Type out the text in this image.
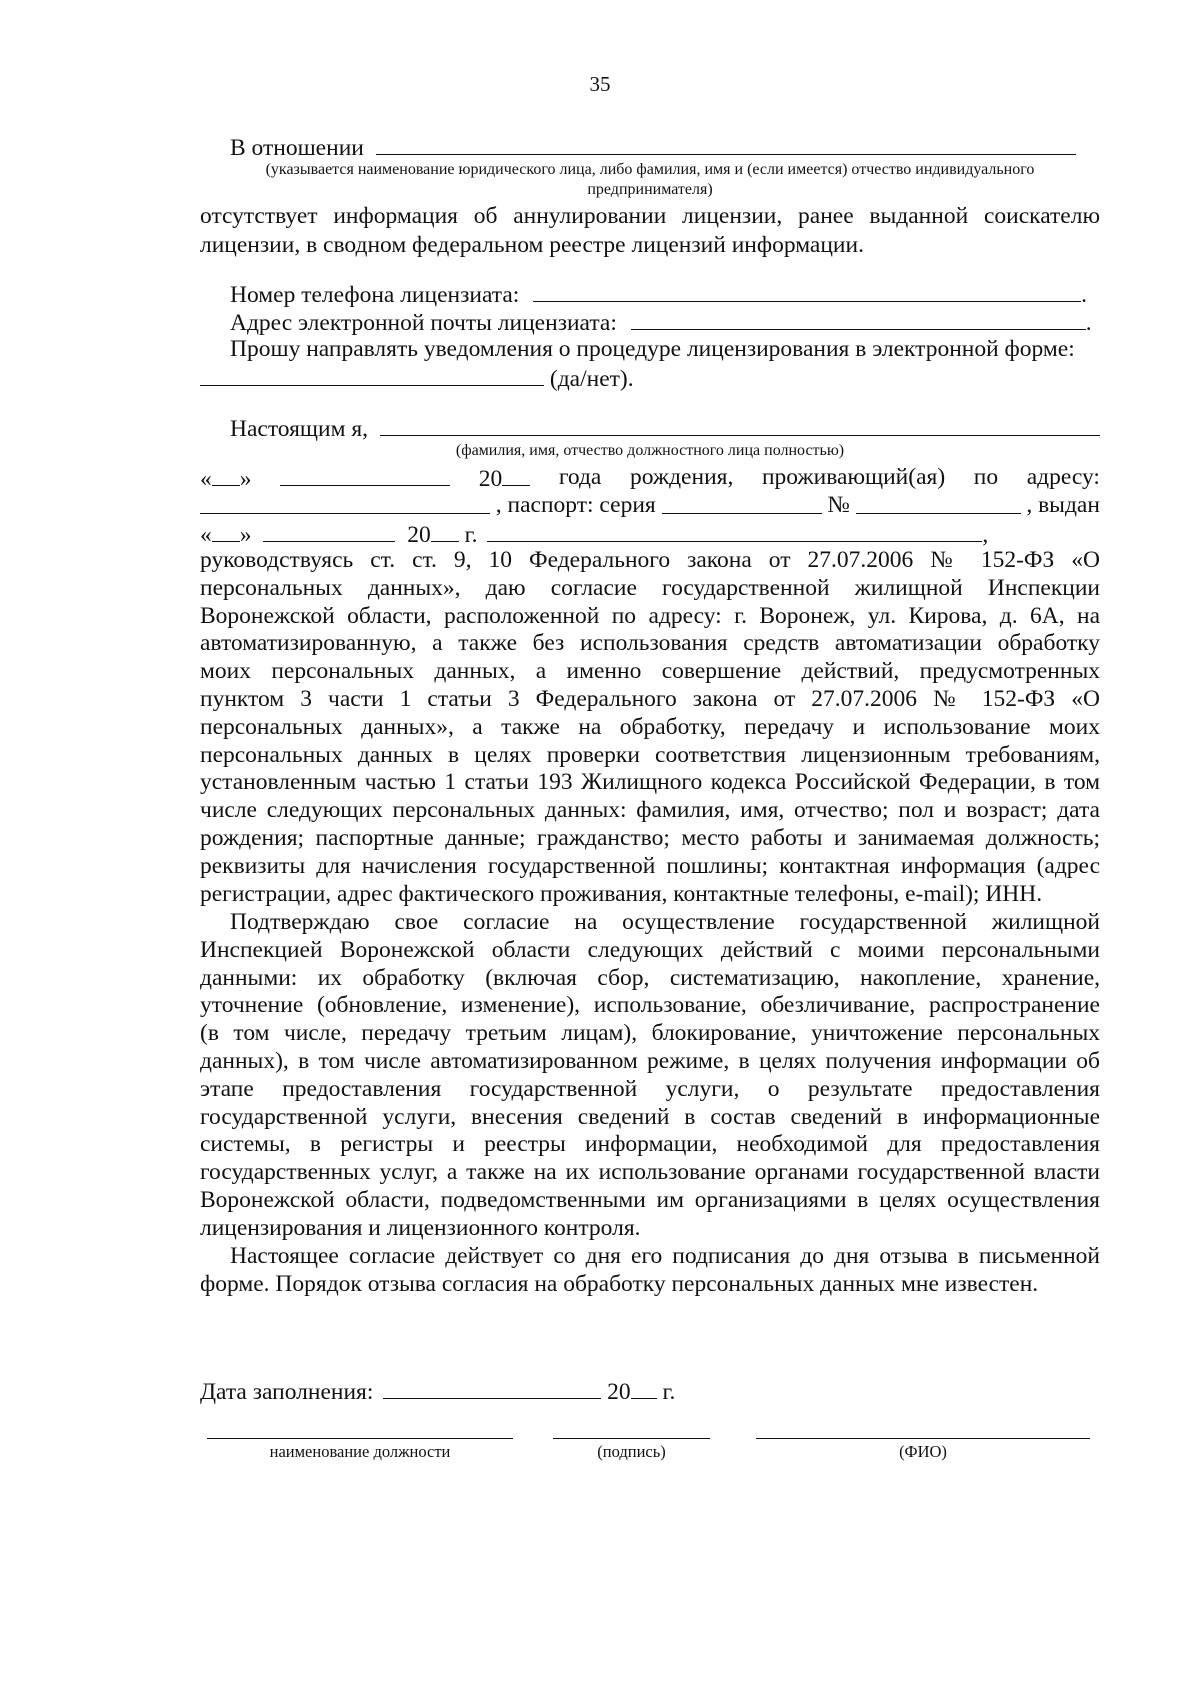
35
В отношении
(указывается наименование юридического лица, либо фамилия, имя и (если имеется) отчество индивидуального
предпринимателя)
отсутствует информация об аннулировании лицензии, ранее выданной соискателю
лицензии, в сводном федеральном реестре лицензий информации.
Номер телефона лицензиата:	.
Адрес электронной почты лицензиата:	.
Прошу направлять уведомления о процедуре лицензирования в электронной форме:
(да/нет).
Настоящим я,
(фамилия, имя, отчество должностного лица полностью)
« »	20	года рождения, проживающий(ая) по адресу:
, паспорт: серия	№	, выдан
« »	20 г.	,
руководствуясь ст. ст. 9, 10 Федерального закона от 27.07.2006 № 152-ФЗ «О
персональных данных», даю согласие государственной жилищной Инспекции
Воронежской области, расположенной по адресу: г. Воронеж, ул. Кирова, д. 6А, на
автоматизированную, а также без использования средств автоматизации обработку
моих персональных данных, а именно совершение действий, предусмотренных
пунктом 3 части 1 статьи 3 Федерального закона от 27.07.2006 № 152-ФЗ «О
персональных данных», а также на обработку, передачу и использование моих
персональных данных в целях проверки соответствия лицензионным требованиям,
установленным частью 1 статьи 193 Жилищного кодекса Российской Федерации, в том
числе следующих персональных данных: фамилия, имя, отчество; пол и возраст; дата
рождения; паспортные данные; гражданство; место работы и занимаемая должность;
реквизиты для начисления государственной пошлины; контактная информация (адрес
регистрации, адрес фактического проживания, контактные телефоны, e-mail); ИНН.
Подтверждаю свое согласие на осуществление государственной жилищной
Инспекцией Воронежской области следующих действий с моими персональными
данными: их обработку (включая сбор, систематизацию, накопление, хранение,
уточнение (обновление, изменение), использование, обезличивание, распространение
(в том числе, передачу третьим лицам), блокирование, уничтожение персональных
данных), в том числе автоматизированном режиме, в целях получения информации об
этапе предоставления государственной услуги, о результате предоставления
государственной услуги, внесения сведений в состав сведений в информационные
системы, в регистры и реестры информации, необходимой для предоставления
государственных услуг, а также на их использование органами государственной власти
Воронежской области, подведомственными им организациями в целях осуществления
лицензирования и лицензионного контроля.
Настоящее согласие действует со дня его подписания до дня отзыва в письменной
форме. Порядок отзыва согласия на обработку персональных данных мне известен.
Дата заполнения:	20 г.
наименование должности	(подпись)	(ФИО)
